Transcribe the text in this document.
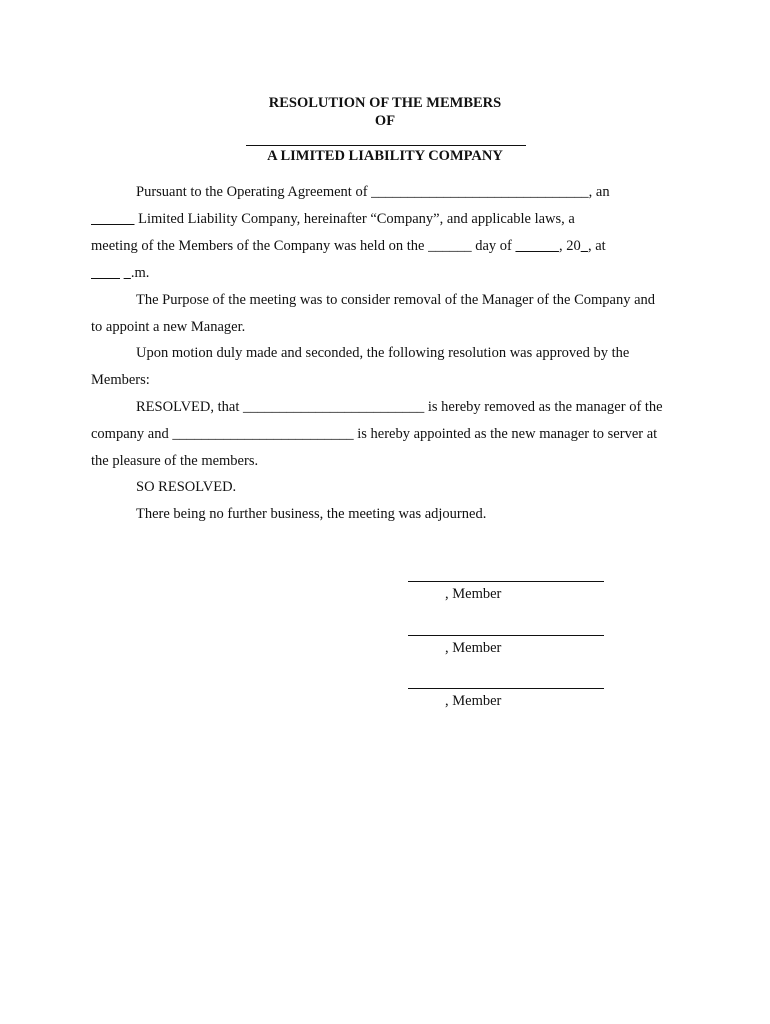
RESOLUTION OF THE MEMBERS
OF
A LIMITED LIABILITY COMPANY
Pursuant to the Operating Agreement of ______________________________, an
Limited Liability Company, hereinafter “Company”, and applicable laws, a
meeting of the Members of the Company was held on the ______ day of	, 20 , at
.m.
The Purpose of the meeting was to consider removal of the Manager of the Company and
to appoint a new Manager.
Upon motion duly made and seconded, the following resolution was approved by the
Members:
RESOLVED, that _________________________ is hereby removed as the manager of the
company and _________________________ is hereby appointed as the new manager to server at
the pleasure of the members.
SO RESOLVED.
There being no further business, the meeting was adjourned.
, Member
, Member
, Member
